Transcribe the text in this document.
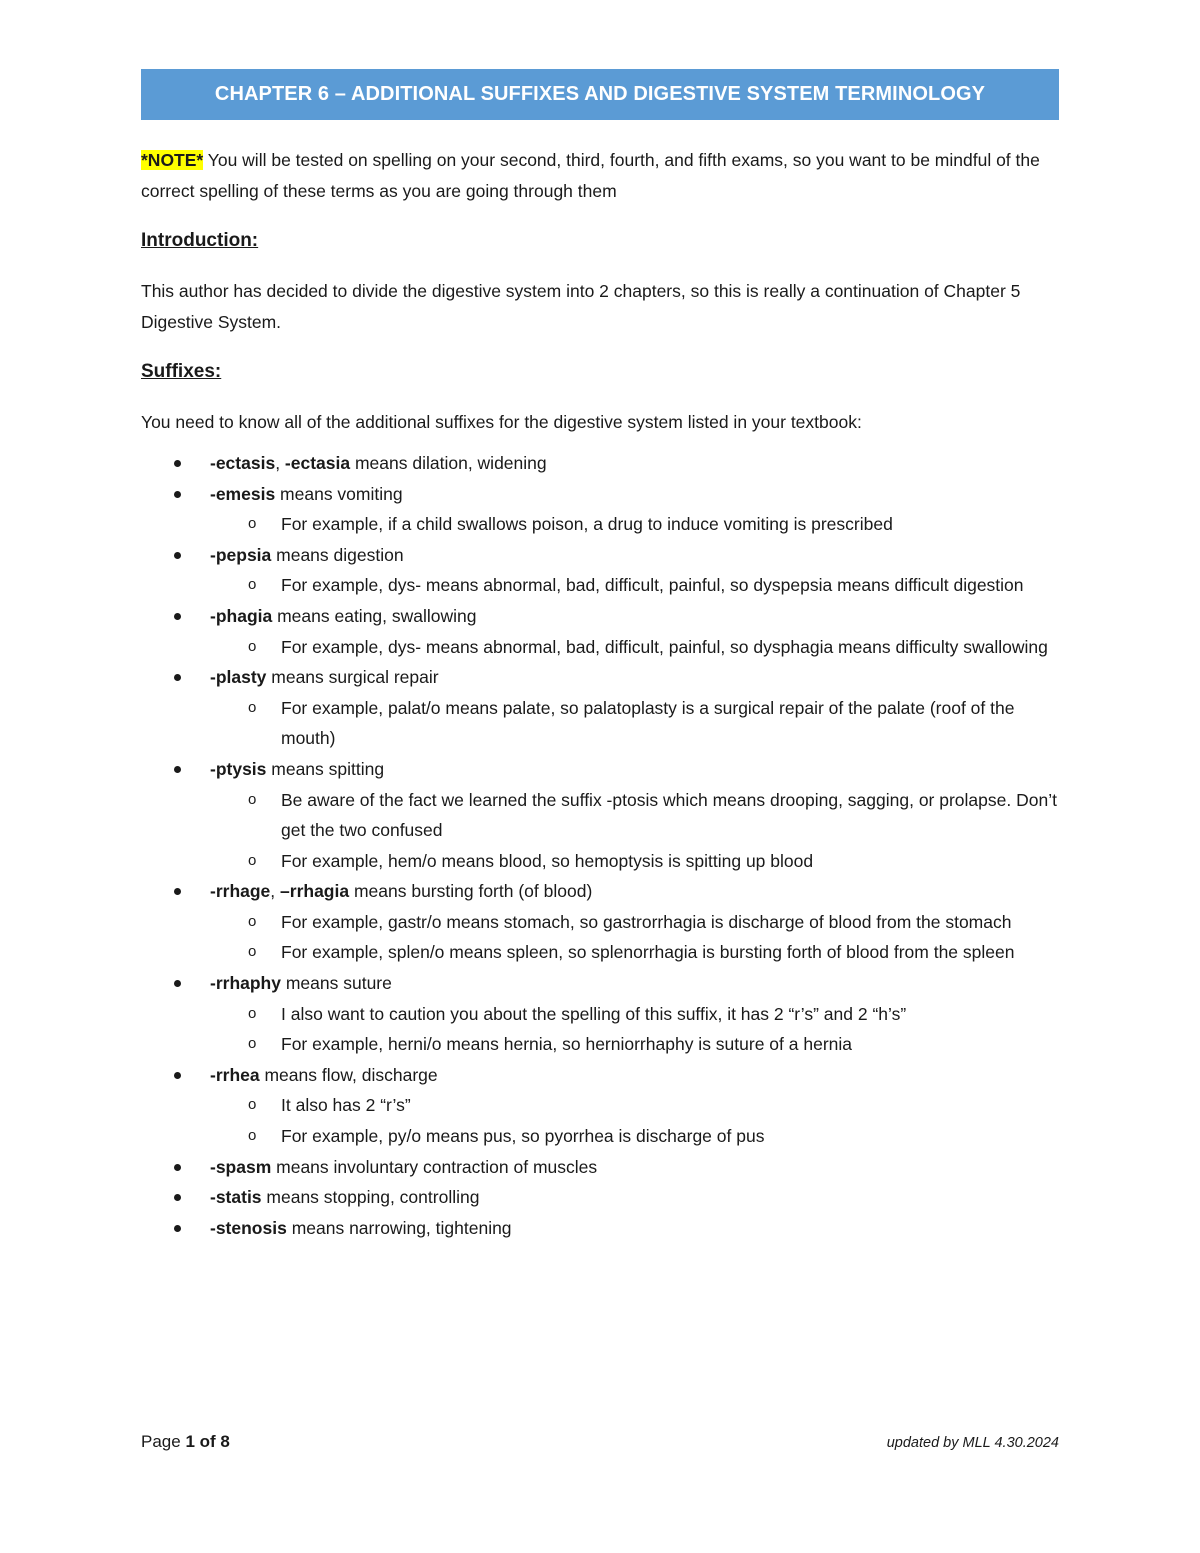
CHAPTER 6 – ADDITIONAL SUFFIXES AND DIGESTIVE SYSTEM TERMINOLOGY

*NOTE* You will be tested on spelling on your second, third, fourth, and fifth exams, so you want to be mindful of the correct spelling of these terms as you are going through them

Introduction:

This author has decided to divide the digestive system into 2 chapters, so this is really a continuation of Chapter 5 Digestive System.

Suffixes:

You need to know all of the additional suffixes for the digestive system listed in your textbook:

-ectasis, -ectasia means dilation, widening
-emesis means vomiting
o For example, if a child swallows poison, a drug to induce vomiting is prescribed
-pepsia means digestion
o For example, dys- means abnormal, bad, difficult, painful, so dyspepsia means difficult digestion
-phagia means eating, swallowing
o For example, dys- means abnormal, bad, difficult, painful, so dysphagia means difficulty swallowing
-plasty means surgical repair
o For example, palat/o means palate, so palatoplasty is a surgical repair of the palate (roof of the mouth)
-ptysis means spitting
o Be aware of the fact we learned the suffix -ptosis which means drooping, sagging, or prolapse. Don’t get the two confused
o For example, hem/o means blood, so hemoptysis is spitting up blood
-rrhage, –rrhagia means bursting forth (of blood)
o For example, gastr/o means stomach, so gastrorrhagia is discharge of blood from the stomach
o For example, splen/o means spleen, so splenorrhagia is bursting forth of blood from the spleen
-rrhaphy means suture
o I also want to caution you about the spelling of this suffix, it has 2 “r’s” and 2 “h’s”
o For example, herni/o means hernia, so herniorrhaphy is suture of a hernia
-rrhea means flow, discharge
o It also has 2 “r’s”
o For example, py/o means pus, so pyorrhea is discharge of pus
-spasm means involuntary contraction of muscles
-statis means stopping, controlling
-stenosis means narrowing, tightening
Page 1 of 8	updated by MLL 4.30.2024
